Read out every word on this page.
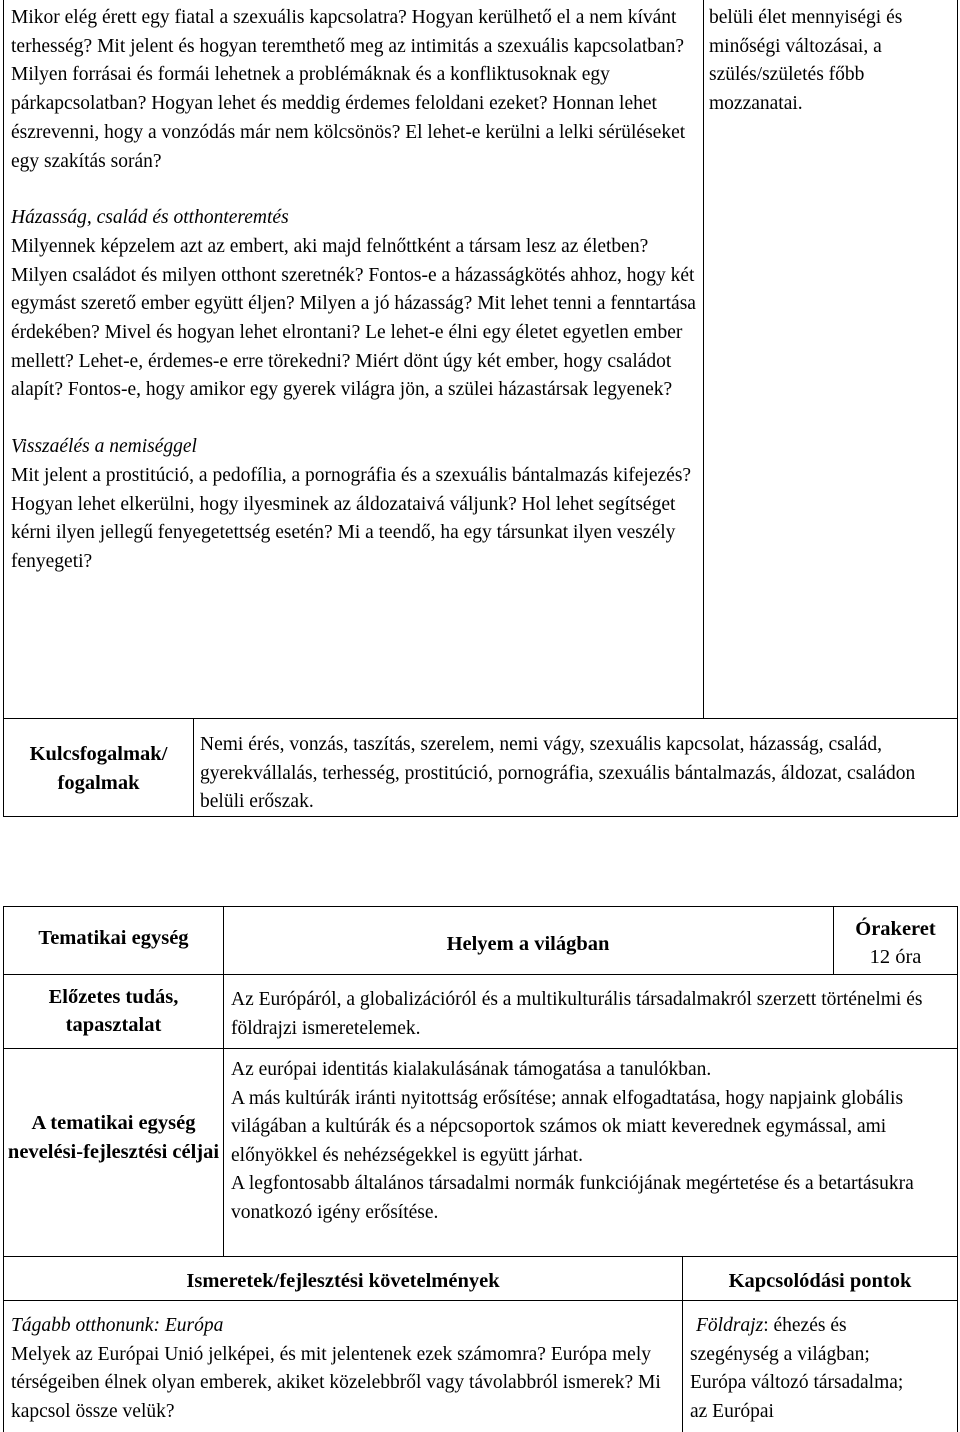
Mikor elég érett egy fiatal a szexuális kapcsolatra? Hogyan kerülhető el a nem kívánt terhesség? Mit jelent és hogyan teremthető meg az intimitás a szexuális kapcsolatban? Milyen forrásai és formái lehetnek a problémáknak és a konfliktusoknak egy párkapcsolatban? Hogyan lehet és meddig érdemes feloldani ezeket? Honnan lehet észrevenni, hogy a vonzódás már nem kölcsönös? El lehet-e kerülni a lelki sérüléseket egy szakítás során?

Házasság, család és otthonteremtés

Milyennek képzelem azt az embert, aki majd felnőttként a társam lesz az életben? Milyen családot és milyen otthont szeretnék? Fontos-e a házasságkötés ahhoz, hogy két egymást szerető ember együtt éljen? Milyen a jó házasság? Mit lehet tenni a fenntartása érdekében? Mivel és hogyan lehet elrontani? Le lehet-e élni egy életet egyetlen ember mellett? Lehet-e, érdemes-e erre törekedni? Miért dönt úgy két ember, hogy családot alapít? Fontos-e, hogy amikor egy gyerek világra jön, a szülei házastársak legyenek?

Visszaélés a nemiséggel

Mit jelent a prostitúció, a pedofília, a pornográfia és a szexuális bántalmazás kifejezés? Hogyan lehet elkerülni, hogy ilyesminek az áldozataivá váljunk? Hol lehet segítséget kérni ilyen jellegű fenyegetettség esetén? Mi a teendő, ha egy társunkat ilyen veszély fenyegeti?

belüli élet mennyiségi és minőségi változásai, a szülés/születés főbb mozzanatai.

Kulcsfogalmak/ fogalmak
Nemi érés, vonzás, taszítás, szerelem, nemi vágy, szexuális kapcsolat, házasság, család, gyerekvállalás, terhesség, prostitúció, pornográfia, szexuális bántalmazás, áldozat, családon belüli erőszak.
Tematikai egység	Helyem a világban
Órakeret
12 óra
Előzetes tudás, tapasztalat
Az Európáról, a globalizációról és a multikulturális társadalmakról szerzett történelmi és földrajzi ismeretelemek.
A tematikai egység nevelési-fejlesztési céljai

Az európai identitás kialakulásának támogatása a tanulókban.

A más kultúrák iránti nyitottság erősítése; annak elfogadtatása, hogy napjaink globális világában a kultúrák és a népcsoportok számos ok miatt keverednek egymással, ami előnyökkel és nehézségekkel is együtt járhat.

A legfontosabb általános társadalmi normák funkciójának megértetése és a betartásukra vonatkozó igény erősítése.

Ismeretek/fejlesztési követelmények	Kapcsolódási pontok

Tágabb otthonunk: Európa

Melyek az Európai Unió jelképei, és mit jelentenek ezek számomra? Európa mely térségeiben élnek olyan emberek, akiket közelebbről vagy távolabbról ismerek? Mi kapcsol össze velük?

Földrajz: éhezés és szegénység a világban; Európa változó társadalma; az Európai
